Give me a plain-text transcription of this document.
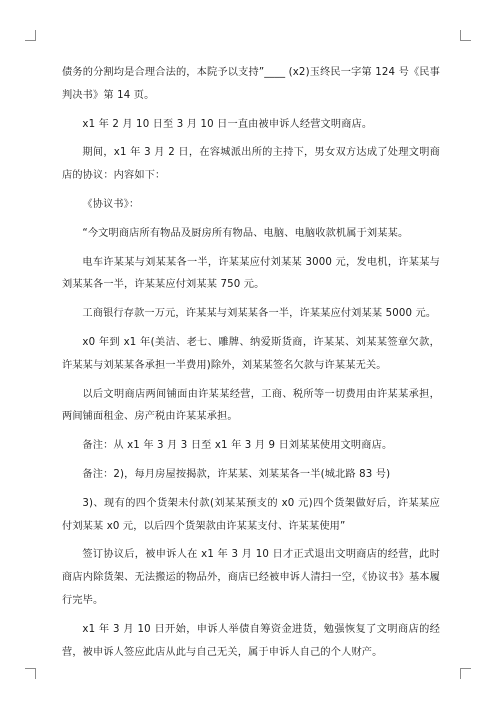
债务的分割均是合理合法的，本院予以支持”____ (x2)玉终民一字第 124 号《民事判决书》第 14 页。

x1 年 2 月 10 日至 3 月 10 日一直由被申诉人经营文明商店。

期间，x1 年 3 月 2 日，在容城派出所的主持下，男女双方达成了处理文明商店的协议：内容如下：

《协议书》：

“今文明商店所有物品及厨房所有物品、电脑、电脑收款机属于刘某某。

电车许某某与刘某某各一半，许某某应付刘某某 3000 元，发电机，许某某与刘某某各一半，许某某应付刘某某 750 元。

工商银行存款一万元，许某某与刘某某各一半，许某某应付刘某某 5000 元。

x0 年到 x1 年(美洁、老七、雕牌、纳爱斯货商，许某某、刘某某签章欠款，许某某与刘某某各承担一半费用)除外，刘某某签名欠款与许某某无关。

以后文明商店两间铺面由许某某经营，工商、税所等一切费用由许某某承担，两间铺面租金、房产税由许某某承担。

备注：从 x1 年 3 月 3 日至 x1 年 3 月 9 日刘某某使用文明商店。

备注：2)，每月房屋按揭款，许某某、刘某某各一半(城北路 83 号)

3)、现有的四个货架未付款(刘某某预支的 x0 元)四个货架做好后，许某某应付刘某某 x0 元，以后四个货架款由许某某支付、许某某使用”

签订协议后，被申诉人在 x1 年 3 月 10 日才正式退出文明商店的经营，此时商店内除货架、无法搬运的物品外，商店已经被申诉人清扫一空，《协议书》基本履行完毕。

x1 年 3 月 10 日开始，申诉人举债自筹资金进货，勉强恢复了文明商店的经营，被申诉人签应此店从此与自己无关，属于申诉人自己的个人财产。
